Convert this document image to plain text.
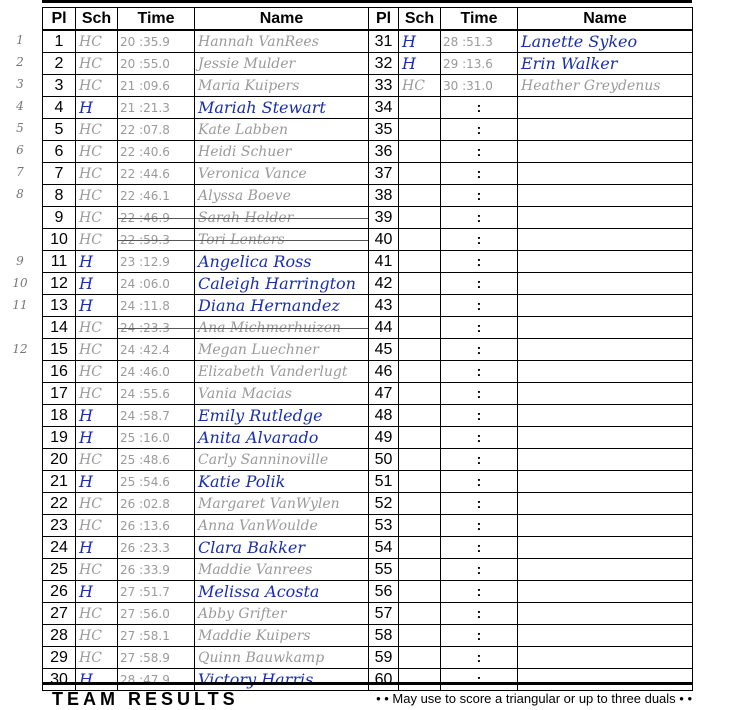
Pl	Sch	Time	Name	Pl	Sch	Time	Name
1	HC	20 :35.9	Hannah VanRees	31	H	28 :51.3	Lanette Sykeo
2	HC	20 :55.0	Jessie Mulder	32	H	29 :13.6	Erin Walker
3	HC	21 :09.6	Maria Kuipers	33	HC	30 :31.0	Heather Greydenus
4	H	21 :21.3	Mariah Stewart	34		:	
5	HC	22 :07.8	Kate Labben	35		:	
6	HC	22 :40.6	Heidi Schuer	36		:	
7	HC	22 :44.6	Veronica Vance	37		:	
8	HC	22 :46.1	Alyssa Boeve	38		:	
9	HC	22 :46.9	Sarah Helder	39		:	
10	HC	22 :59.3	Tori Lenters	40		:	
11	H	23 :12.9	Angelica Ross	41		:	
12	H	24 :06.0	Caleigh Harrington	42		:	
13	H	24 :11.8	Diana Hernandez	43		:	
14	HC	24 :23.3	Ana Michmerhuizen	44		:	
15	HC	24 :42.4	Megan Luechner	45		:	
16	HC	24 :46.0	Elizabeth Vanderlugt	46		:	
17	HC	24 :55.6	Vania Macias	47		:	
18	H	24 :58.7	Emily Rutledge	48		:	
19	H	25 :16.0	Anita Alvarado	49		:	
20	HC	25 :48.6	Carly Sanninoville	50		:	
21	H	25 :54.6	Katie Polik	51		:	
22	HC	26 :02.8	Margaret VanWylen	52		:	
23	HC	26 :13.6	Anna VanWoulde	53		:	
24	H	26 :23.3	Clara Bakker	54		:	
25	HC	26 :33.9	Maddie Vanrees	55		:	
26	H	27 :51.7	Melissa Acosta	56		:	
27	HC	27 :56.0	Abby Grifter	57		:	
28	HC	27 :58.1	Maddie Kuipers	58		:	
29	HC	27 :58.9	Quinn Bauwkamp	59		:	
30	H	28 :47.9	Victory Harris	60		:	
1
2
3
4
5
6
7
8
9
10
11
12
TEAM RESULTS	• • May use to score a triangular or up to three duals • •
